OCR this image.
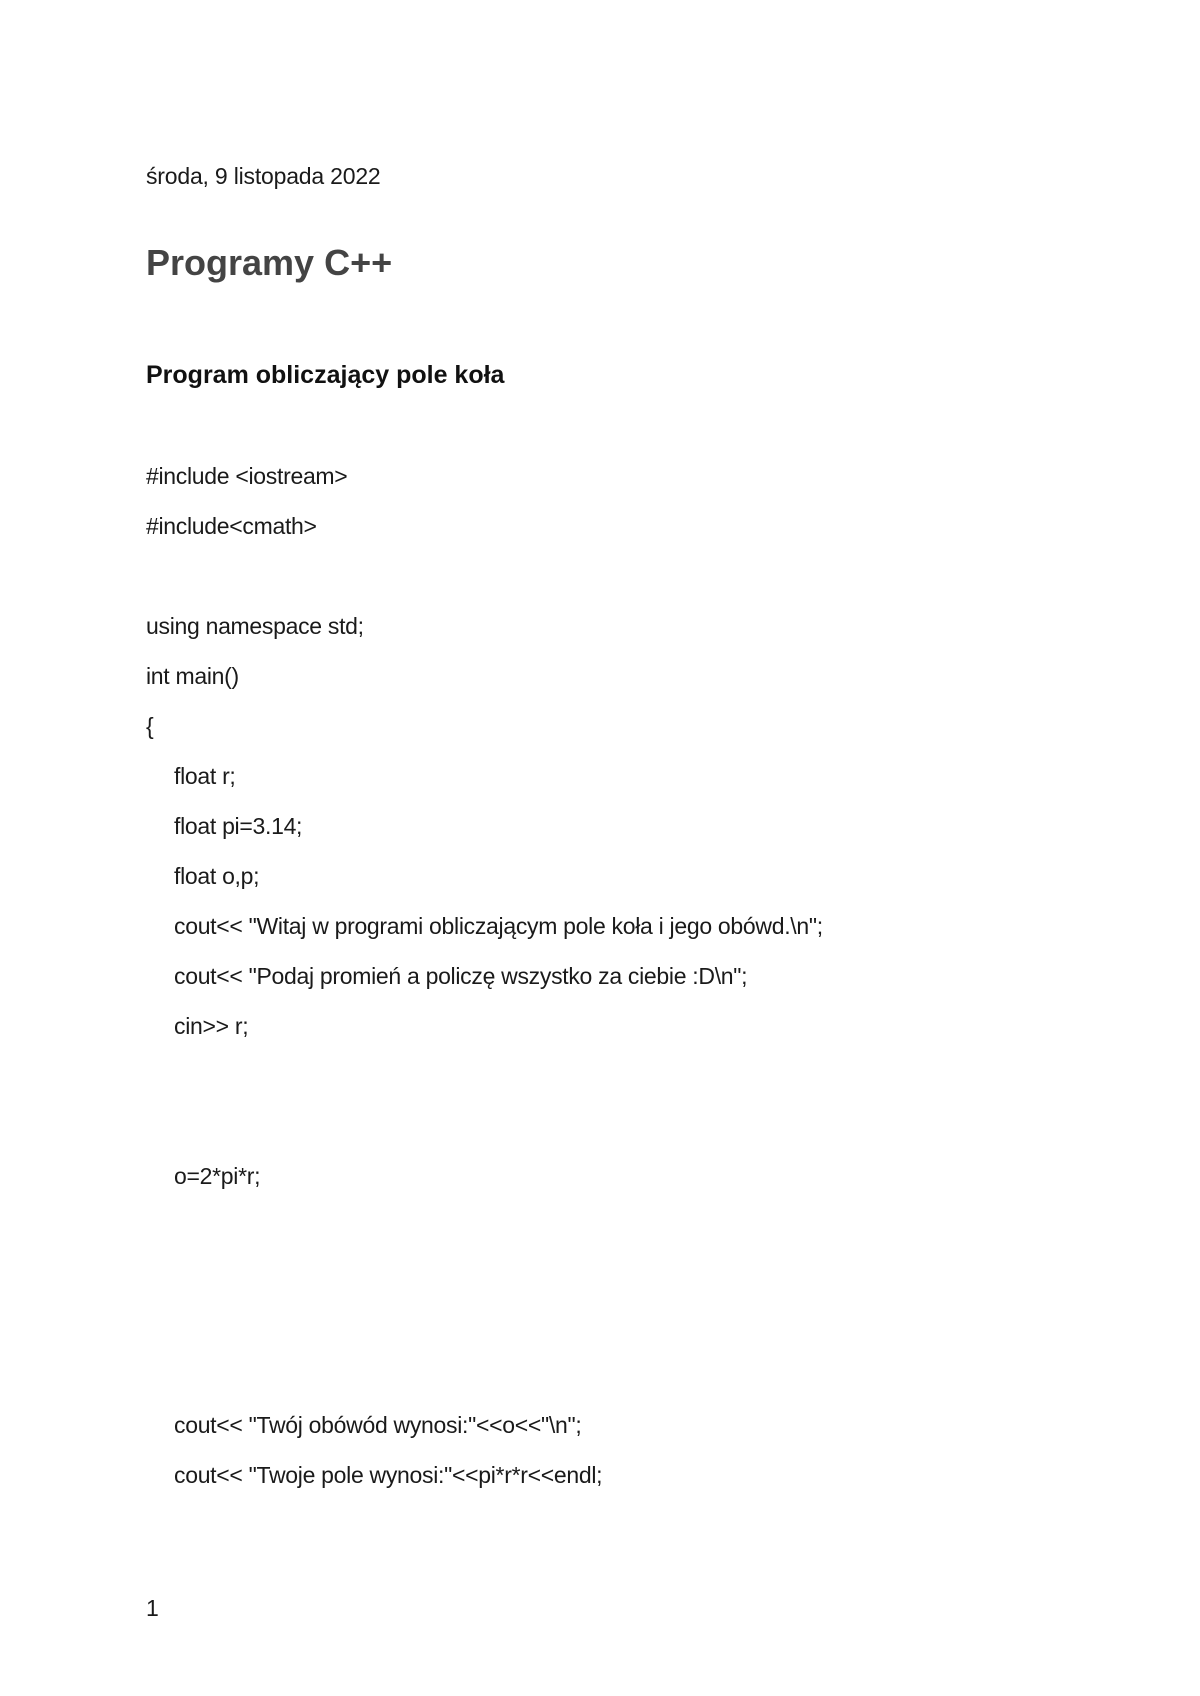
środa, 9 listopada 2022
Programy C++
Program obliczający pole koła
#include <iostream>
#include<cmath>
using namespace std;
int main()
{
float r;
float pi=3.14;
float o,p;
cout<< "Witaj w programi obliczającym pole koła i jego obówd.\n";
cout<< "Podaj promień a policzę wszystko za ciebie :D\n";
cin>> r;
o=2*pi*r;
cout<< "Twój obówód wynosi:"<<o<<"\n";
cout<< "Twoje pole wynosi:"<<pi*r*r<<endl;
1
